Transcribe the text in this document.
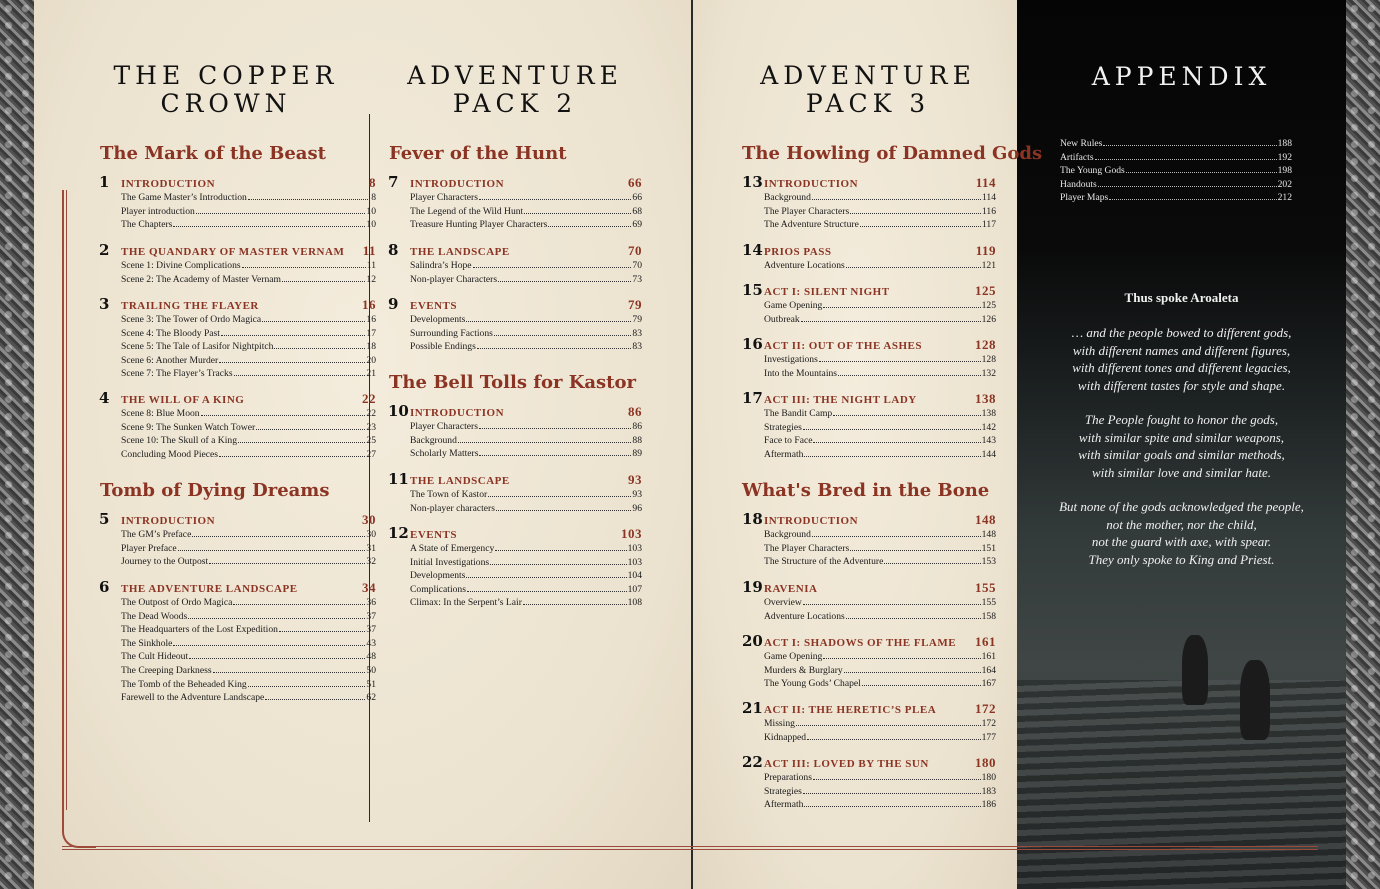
THE COPPER
CROWN
ADVENTURE
PACK 2
ADVENTURE
PACK 3
The Mark of the Beast
1 INTRODUCTION	8
The Game Master’s Introduction	8
Player introduction	10
The Chapters	10
2 THE QUANDARY OF MASTER VERNAM 11
Scene 1: Divine Complications	11
Scene 2: The Academy of Master Vernam	12
3 TRAILING THE FLAYER	16
Scene 3: The Tower of Ordo Magica	16
Scene 4: The Bloody Past	17
Scene 5: The Tale of Lasifor Nightpitch	18
Scene 6: Another Murder	20
Scene 7: The Flayer’s Tracks	21
4 THE WILL OF A KING	22
Scene 8: Blue Moon	22
Scene 9: The Sunken Watch Tower	23
Scene 10: The Skull of a King	25
Concluding Mood Pieces	27
Tomb of Dying Dreams
5 INTRODUCTION	30
The GM’s Preface	30
Player Preface	31
Journey to the Outpost	32
6 THE ADVENTURE LANDSCAPE	34
The Outpost of Ordo Magica	36
The Dead Woods	37
The Headquarters of the Lost Expedition	37
The Sinkhole	43
The Cult Hideout	48
The Creeping Darkness	50
The Tomb of the Beheaded King	51
Farewell to the Adventure Landscape	62
Fever of the Hunt
7 INTRODUCTION	66
Player Characters	66
The Legend of the Wild Hunt	68
Treasure Hunting Player Characters	69
8 THE LANDSCAPE	70
Salindra’s Hope	70
Non-player Characters	73
9 EVENTS	79
Developments	79
Surrounding Factions	83
Possible Endings	83
The Bell Tolls for Kastor
10 INTRODUCTION	86
Player Characters	86
Background	88
Scholarly Matters	89
11 THE LANDSCAPE	93
The Town of Kastor	93
Non-player characters	96
12 EVENTS	103
A State of Emergency	103
Initial Investigations	103
Developments	104
Complications	107
Climax: In the Serpent’s Lair	108
The Howling of Damned Gods
13 INTRODUCTION	114
Background	114
The Player Characters	116
The Adventure Structure	117
14 PRIOS PASS	119
Adventure Locations	121
15 ACT I: SILENT NIGHT	125
Game Opening	125
Outbreak	126
16 ACT II: OUT OF THE ASHES	128
Investigations	128
Into the Mountains	132
17 ACT III: THE NIGHT LADY	138
The Bandit Camp	138
Strategies	142
Face to Face	143
Aftermath	144
What's Bred in the Bone
18 INTRODUCTION	148
Background	148
The Player Characters	151
The Structure of the Adventure	153
19 RAVENIA	155
Overview	155
Adventure Locations	158
20 ACT I: SHADOWS OF THE FLAME 161
Game Opening	161
Murders & Burglary	164
The Young Gods’ Chapel	167
21 ACT II: THE HERETIC’S PLEA	172
Missing	172
Kidnapped	177
22 ACT III: LOVED BY THE SUN	180
Preparations	180
Strategies	183
Aftermath	186
APPENDIX
New Rules	188
Artifacts	192
The Young Gods	198
Handouts	202
Player Maps	212
Thus spoke Aroaleta
… and the people bowed to different gods,
with different names and different figures,
with different tones and different legacies,
with different tastes for style and shape.
The People fought to honor the gods,
with similar spite and similar weapons,
with similar goals and similar methods,
with similar love and similar hate.
But none of the gods acknowledged the people,
not the mother, nor the child,
not the guard with axe, with spear.
They only spoke to King and Priest.
